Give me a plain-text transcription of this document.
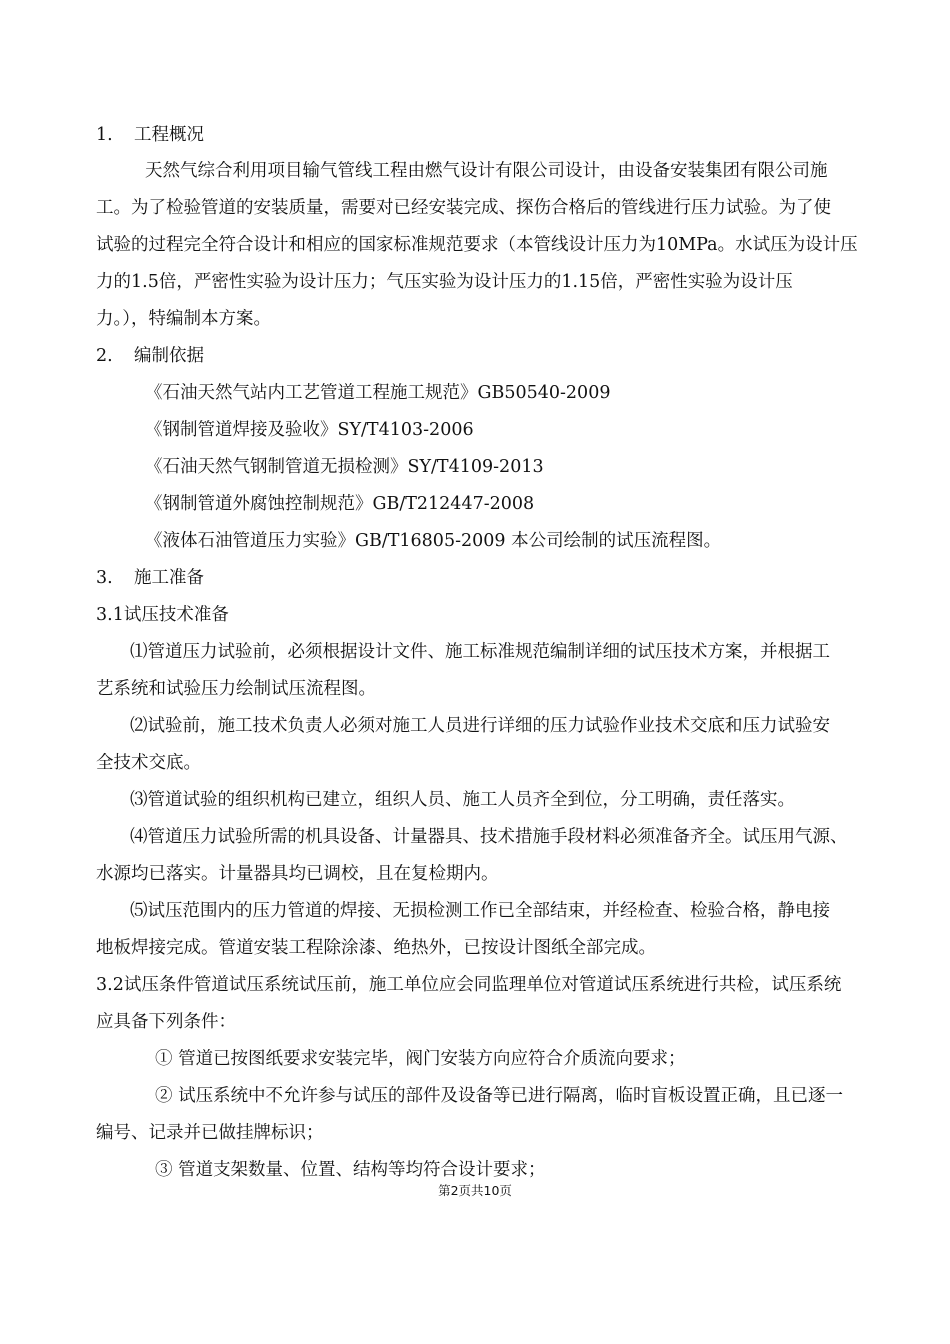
1. 工程概况
天然气综合利用项目输气管线工程由燃气设计有限公司设计，由设备安装集团有限公司施
工。为了检验管道的安装质量，需要对已经安装完成、探伤合格后的管线进行压力试验。为了使
试验的过程完全符合设计和相应的国家标准规范要求（本管线设计压力为10MPa。水试压为设计压
力的1.5倍，严密性实验为设计压力；气压实验为设计压力的1.15倍，严密性实验为设计压
力。），特编制本方案。
2. 编制依据
《石油天然气站内工艺管道工程施工规范》GB50540-2009
《钢制管道焊接及验收》SY/T4103-2006
《石油天然气钢制管道无损检测》SY/T4109-2013
《钢制管道外腐蚀控制规范》GB/T212447-2008
《液体石油管道压力实验》GB/T16805-2009 本公司绘制的试压流程图。
3. 施工准备
3.1试压技术准备
⑴管道压力试验前，必须根据设计文件、施工标准规范编制详细的试压技术方案，并根据工
艺系统和试验压力绘制试压流程图。
⑵试验前，施工技术负责人必须对施工人员进行详细的压力试验作业技术交底和压力试验安
全技术交底。
⑶管道试验的组织机构已建立，组织人员、施工人员齐全到位，分工明确，责任落实。
⑷管道压力试验所需的机具设备、计量器具、技术措施手段材料必须准备齐全。试压用气源、
水源均已落实。计量器具均已调校，且在复检期内。
⑸试压范围内的压力管道的焊接、无损检测工作已全部结束，并经检查、检验合格，静电接
地板焊接完成。管道安装工程除涂漆、绝热外，已按设计图纸全部完成。
3.2试压条件管道试压系统试压前，施工单位应会同监理单位对管道试压系统进行共检，试压系统
应具备下列条件：
① 管道已按图纸要求安装完毕，阀门安装方向应符合介质流向要求；
② 试压系统中不允许参与试压的部件及设备等已进行隔离，临时盲板设置正确，且已逐一
编号、记录并已做挂牌标识；
③ 管道支架数量、位置、结构等均符合设计要求；
第2页共10页
